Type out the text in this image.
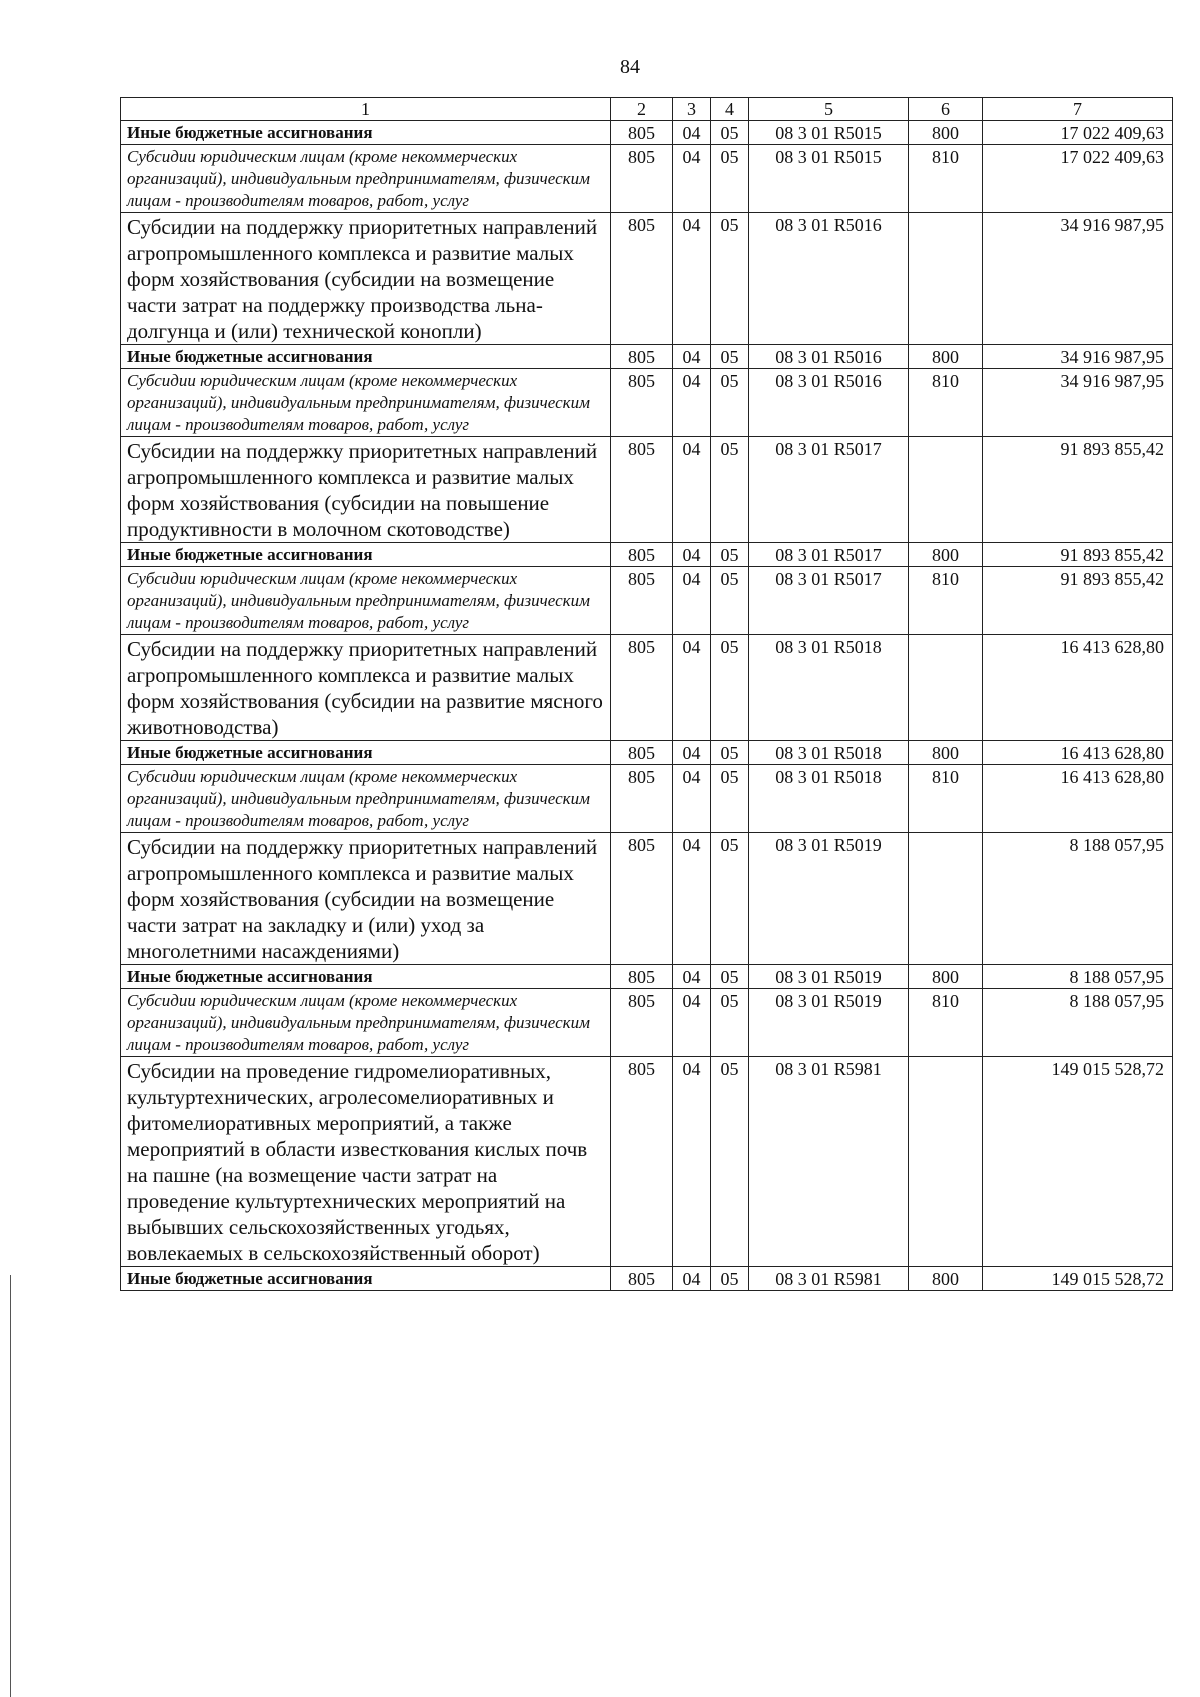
84
1	2	3	4	5	6	7
Иные бюджетные ассигнования	805	04	05	08 3 01 R5015	800	17 022 409,63
Субсидии юридическим лицам (кроме некоммерческих организаций), индивидуальным предпринимателям, физическим лицам - производителям товаров, работ, услуг	805	04	05	08 3 01 R5015	810	17 022 409,63
Субсидии на поддержку приоритетных направлений агропромышленного комплекса и развитие малых форм хозяйствования (субсидии на возмещение части затрат на поддержку производства льна-долгунца и (или) технической конопли)	805	04	05	08 3 01 R5016		34 916 987,95
Иные бюджетные ассигнования	805	04	05	08 3 01 R5016	800	34 916 987,95
Субсидии юридическим лицам (кроме некоммерческих организаций), индивидуальным предпринимателям, физическим лицам - производителям товаров, работ, услуг	805	04	05	08 3 01 R5016	810	34 916 987,95
Субсидии на поддержку приоритетных направлений агропромышленного комплекса и развитие малых форм хозяйствования (субсидии на повышение продуктивности в молочном скотоводстве)	805	04	05	08 3 01 R5017		91 893 855,42
Иные бюджетные ассигнования	805	04	05	08 3 01 R5017	800	91 893 855,42
Субсидии юридическим лицам (кроме некоммерческих организаций), индивидуальным предпринимателям, физическим лицам - производителям товаров, работ, услуг	805	04	05	08 3 01 R5017	810	91 893 855,42
Субсидии на поддержку приоритетных направлений агропромышленного комплекса и развитие малых форм хозяйствования (субсидии на развитие мясного животноводства)	805	04	05	08 3 01 R5018		16 413 628,80
Иные бюджетные ассигнования	805	04	05	08 3 01 R5018	800	16 413 628,80
Субсидии юридическим лицам (кроме некоммерческих организаций), индивидуальным предпринимателям, физическим лицам - производителям товаров, работ, услуг	805	04	05	08 3 01 R5018	810	16 413 628,80
Субсидии на поддержку приоритетных направлений агропромышленного комплекса и развитие малых форм хозяйствования (субсидии на возмещение части затрат на закладку и (или) уход за многолетними насаждениями)	805	04	05	08 3 01 R5019		8 188 057,95
Иные бюджетные ассигнования	805	04	05	08 3 01 R5019	800	8 188 057,95
Субсидии юридическим лицам (кроме некоммерческих организаций), индивидуальным предпринимателям, физическим лицам - производителям товаров, работ, услуг	805	04	05	08 3 01 R5019	810	8 188 057,95
Субсидии на проведение гидромелиоративных, культуртехнических, агролесомелиоративных и фитомелиоративных мероприятий, а также мероприятий в области известкования кислых почв на пашне (на возмещение части затрат на проведение культуртехнических мероприятий на выбывших сельскохозяйственных угодьях, вовлекаемых в сельскохозяйственный оборот)	805	04	05	08 3 01 R5981		149 015 528,72
Иные бюджетные ассигнования	805	04	05	08 3 01 R5981	800	149 015 528,72
